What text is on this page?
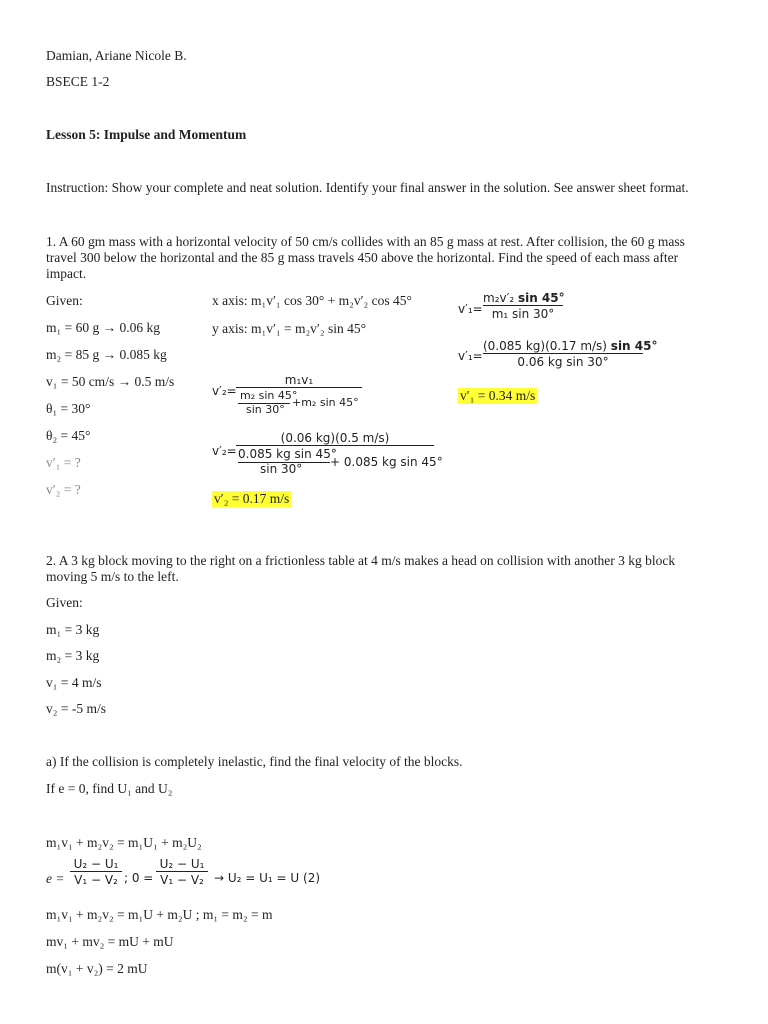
Damian, Ariane Nicole B.
BSECE 1-2
Lesson 5: Impulse and Momentum
Instruction: Show your complete and neat solution. Identify your final answer in the solution. See answer sheet format.
1. A 60 gm mass with a horizontal velocity of 50 cm/s collides with an 85 g mass at rest. After collision, the 60 g mass travel 300 below the horizontal and the 85 g mass travels 450 above the horizontal. Find the speed of each mass after impact.
Given:
m₁ = 60 g → 0.06 kg
m₂ = 85 g → 0.085 kg
v₁ = 50 cm/s → 0.5 m/s
θ₁ = 30°
θ₂ = 45°
v′₁ = ?
v′₂ = ?
x axis: m₁v′₁ cos 30° + m₂v′₂ cos 45°
y axis: m₁v′₁ = m₂v′₂ sin 45°
v′₂=
m₁v₁
m₂ sin 45°
sin 30°
+m₂ sin 45°
v′₂=
(0.06 kg)(0.5 m/s)
0.085 kg sin 45°
sin 30° + 0.085 kg sin 45°
v′₂ = 0.17 m/s
v′₁=
m₂v′₂ sin 45°
m₁ sin 30°
v′₁=
(0.085 kg)(0.17 m/s) sin 45°
0.06 kg sin 30°
v′₁ = 0.34 m/s
2. A 3 kg block moving to the right on a frictionless table at 4 m/s makes a head on collision with another 3 kg block moving 5 m/s to the left.
Given:
m₁ = 3 kg
m₂ = 3 kg
v₁ = 4 m/s
v₂ = -5 m/s
a) If the collision is completely inelastic, find the final velocity of the blocks.
If e = 0, find U₁ and U₂
m₁v₁ + m₂v₂ = m₁U₁ + m₂U₂
e =
U₂ − U₁
V₁ − V₂ ; 0 =
U₂ − U₁
V₁ − V₂ → U₂ = U₁ = U (2)
m₁v₁ + m₂v₂ = m₁U + m₂U ; m₁ = m₂ = m
mv₁ + mv₂ = mU + mU
m(v₁ + v₂) = 2 mU
